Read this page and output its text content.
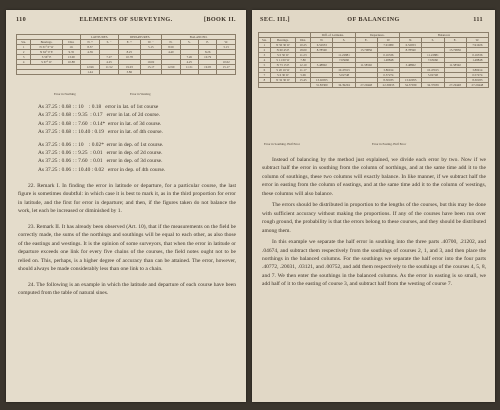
110	ELEMENTS OF SURVEYING.	[BOOK II.
			LATITUDES.		DEPARTURES.		BALANCED.			
Sta.	Bearings.	Dist.	N. +	S. −	E. +	W. −	N.	S.	E.	W.
1	N 31° 0' W	10.	8.57			5.15	8.59			5.15
2	N 62° 0' E	9.35	4.39		8.25		4.40		8.26	
3	S 56° E	13.00		7.27	10.78			7.26	10.79	
4	S 67° W	10.88		4.25		10.02		4.25		10.02
			12.96	11.52	19.03	15.17	12.99	11.51	19.05	15.17
			1.44		3.86					
Error in Northing	Error in Westing
As 37.25 : 0.68 : : 10    : 0.18   error in lat. of 1st course
As 37.25 : 0.68 : : 9.35  : 0.17   error in lat. of 2d course.
As 37.25 : 0.68 : : 7.60  : 0.14*  error in lat. of 3d course.
As 37.25 : 0.68 : : 10.40 : 0.19   error in lat. of 4th course.
As 37.25 : 0.06 : : 10    : 0.02*  error in dep. of 1st course.
As 37.25 : 0.06 : : 9.25  : 0.01   error in dep. of 2d course.
As 37.25 : 0.06 : : 7.60  : 0.01   error in dep. of 3d course.
As 37.25 : 0.06 : : 10.40 : 0.02   error in dep. of 4th course.

22. Remark I. In finding the error in latitude or departure, for a particular course, the last figure is sometimes doubtful: in which case it is best to mark it, as in the third proportion for error in latitude, and the first for error in departure; and then, if the figures taken do not balance the work, let each be increased or diminished by 1.

23. Remark II. It has already been observed (Art. 10), that if the measurements on the field be correctly made, the sums of the northings and southings will be equal to each other, as also those of the eastings and westings. It is the opinion of some surveyors, that when the error in latitude or departure exceeds one link for every five chains of the courses, the field notes ought not to be relied on. This, perhaps, is a higher degree of accuracy than can be attained. The error, however, should always be made considerably less than one link to a chain.

24. The following is an example in which the latitude and departure of each course have been computed from the table of natural sines.

SEC. III.]	OF BALANCING	111
			Diff. of Latitudes.		Departures.		Balanced.			
Sta.	Bearings.	Dist.	N.	S.	E.	W.	N.	S.	E.	W.
1	N 50 30 W	10.25	6.52953			7.91080	6.52953			7.91026
2	N 60 45 E	18.00	8.78590		15.70856		8.78590		15.70856	
3	S 0 50 W	11.23		11.22881		0.16336		11.22881		0.16336
4	S 11 00 W	7.80		7.65660		1.48848		7.65660		1.48848
5	N 73 15 E	12.10	3.48802		11.58592		3.48802		11.58592	
6	S 20 16 W	11.17		10.47915		3.86914		10.47915		3.86914
7	S 6 30 W	5.06		5.02748		0.57274		5.02748		0.57274
8	N 32 30 W	15.45	13.02955			8.30183	13.02955			8.30183
			31.83300	34.39204	27.29448	22.30635	34.37939	34.37939	27.29448	27.29448
Error in Southing. Half Error	Error in Easting. Half Error

Instead of balancing by the method just explained, we divide each error by two. Now if we subtract half the error in southing from the column of northings, and at the same time add it to the column of southings, these two columns will exactly balance. In like manner, if we subtract half the error in easting from the column of eastings, and at the same time add it to the column of westings, these columns will also balance.

The errors should be distributed in proportion to the lengths of the courses, but this may be done with sufficient accuracy without making the proportions. If any of the courses have been run over rough ground, the probability is that the errors belong to these courses, and they should be distributed among them.

In this example we separate the half error in southing into the three parts .40700, .21202, and .04674, and subtract them respectively from the southings of courses 2, 1, and 3, and then place the northings in the balanced columns. For the southings we separate the half error into the four parts .40772, .20031, .03121, and .00752, and add them respectively to the southings of the courses 4, 5, 8, and 7. We then enter the southings in the balanced columns. As the error in easting is so small, we add half of it to the easting of course 3, and subtract half from the westing of course 7.
